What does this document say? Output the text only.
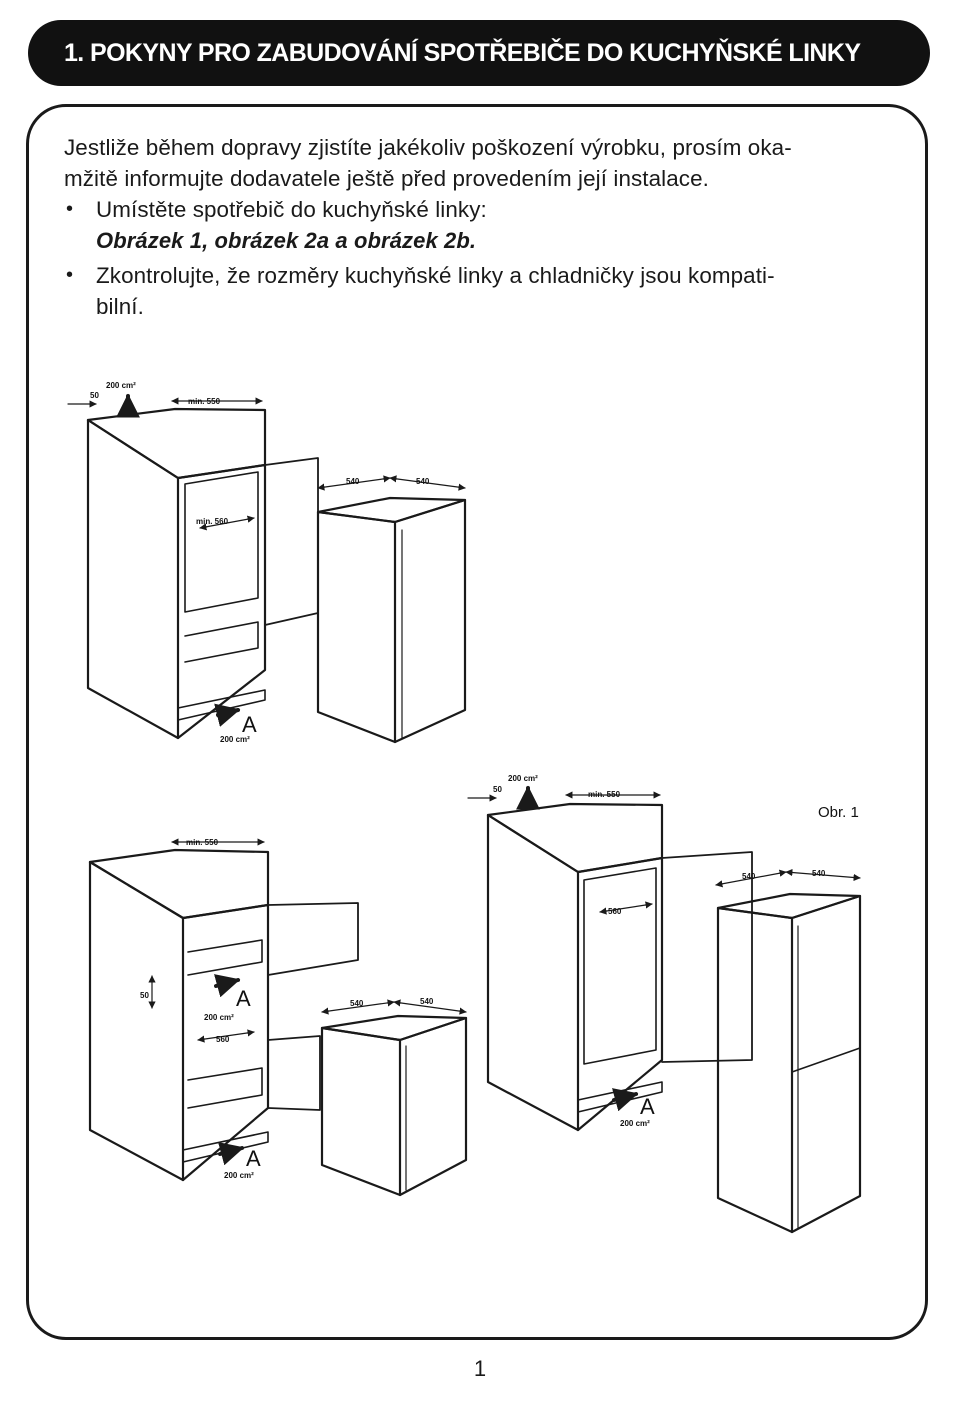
1. POKYNY PRO ZABUDOVÁNÍ SPOTŘEBIČE DO KUCHYŇSKÉ LINKY

Jestliže během dopravy zjistíte jakékoliv poškození výrobku, prosím oka-

mžitě informujte dodavatele ještě před provedením její instalace.

•	Umístěte spotřebič do kuchyňské linky:
Obrázek 1, obrázek 2a a obrázek 2b.
•	Zkontrolujte, že rozměry kuchyňské linky a chladničky jsou kompati-
bilní.
200 cm²
50
min. 550
min. 560
540	540
A
200 cm²
min. 550
50	A
200 cm²
560
540	540
A
200 cm²
200 cm²
50
min. 550
560
540	540
A
200 cm²
Obr. 1
1
